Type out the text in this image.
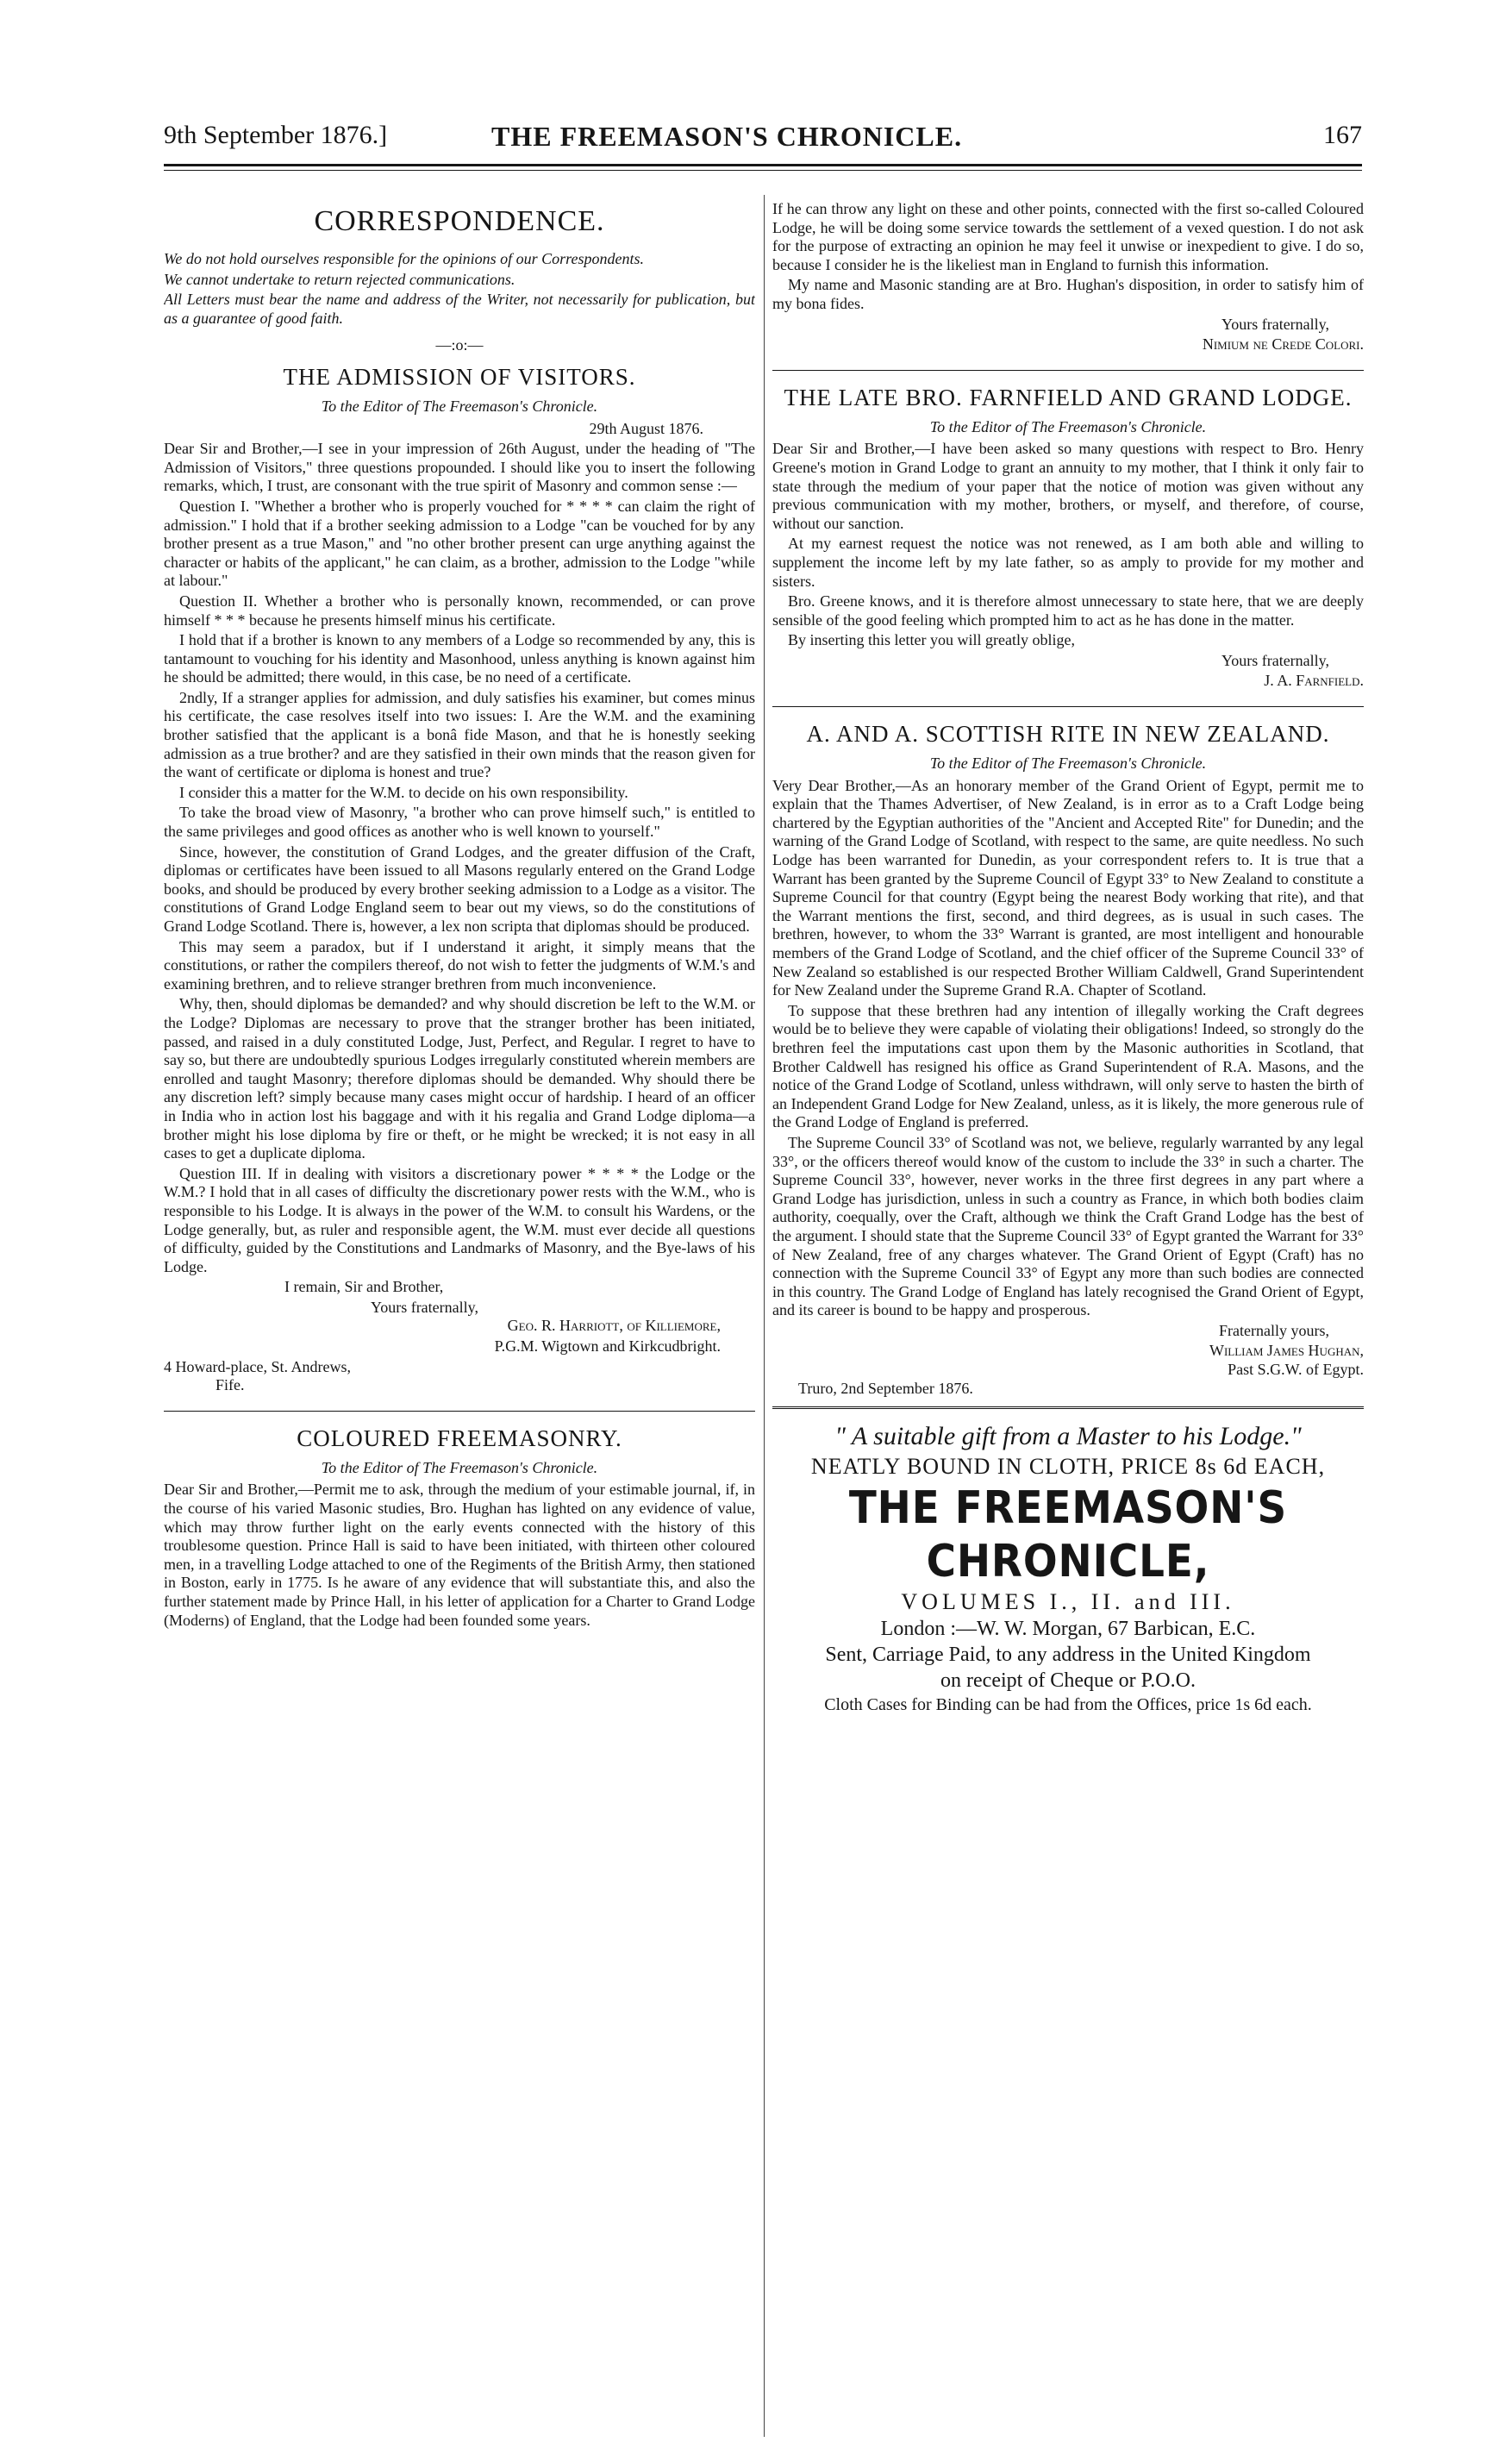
9th September 1876.]	THE FREEMASON'S CHRONICLE.	167
CORRESPONDENCE.

We do not hold ourselves responsible for the opinions of our Correspondents.

We cannot undertake to return rejected communications.

All Letters must bear the name and address of the Writer, not necessarily for publication, but as a guarantee of good faith.

—:o:—
THE ADMISSION OF VISITORS.
To the Editor of The Freemason's Chronicle.
29th August 1876.

Dear Sir and Brother,—I see in your impression of 26th August, under the heading of "The Admission of Visitors," three questions propounded. I should like you to insert the following remarks, which, I trust, are consonant with the true spirit of Masonry and common sense :—

Question I. "Whether a brother who is properly vouched for * * * * can claim the right of admission." I hold that if a brother seeking admission to a Lodge "can be vouched for by any brother present as a true Mason," and "no other brother present can urge anything against the character or habits of the applicant," he can claim, as a brother, admission to the Lodge "while at labour."

Question II. Whether a brother who is personally known, recommended, or can prove himself * * * because he presents himself minus his certificate.

I hold that if a brother is known to any members of a Lodge so recommended by any, this is tantamount to vouching for his identity and Masonhood, unless anything is known against him he should be admitted; there would, in this case, be no need of a certificate.

2ndly, If a stranger applies for admission, and duly satisfies his examiner, but comes minus his certificate, the case resolves itself into two issues: I. Are the W.M. and the examining brother satisfied that the applicant is a bonâ fide Mason, and that he is honestly seeking admission as a true brother? and are they satisfied in their own minds that the reason given for the want of certificate or diploma is honest and true?

I consider this a matter for the W.M. to decide on his own responsibility.

To take the broad view of Masonry, "a brother who can prove himself such," is entitled to the same privileges and good offices as another who is well known to yourself."

Since, however, the constitution of Grand Lodges, and the greater diffusion of the Craft, diplomas or certificates have been issued to all Masons regularly entered on the Grand Lodge books, and should be produced by every brother seeking admission to a Lodge as a visitor. The constitutions of Grand Lodge England seem to bear out my views, so do the constitutions of Grand Lodge Scotland. There is, however, a lex non scripta that diplomas should be produced.

This may seem a paradox, but if I understand it aright, it simply means that the constitutions, or rather the compilers thereof, do not wish to fetter the judgments of W.M.'s and examining brethren, and to relieve stranger brethren from much inconvenience.

Why, then, should diplomas be demanded? and why should discretion be left to the W.M. or the Lodge? Diplomas are necessary to prove that the stranger brother has been initiated, passed, and raised in a duly constituted Lodge, Just, Perfect, and Regular. I regret to have to say so, but there are undoubtedly spurious Lodges irregularly constituted wherein members are enrolled and taught Masonry; therefore diplomas should be demanded. Why should there be any discretion left? simply because many cases might occur of hardship. I heard of an officer in India who in action lost his baggage and with it his regalia and Grand Lodge diploma—a brother might his lose diploma by fire or theft, or he might be wrecked; it is not easy in all cases to get a duplicate diploma.

Question III. If in dealing with visitors a discretionary power * * * * the Lodge or the W.M.? I hold that in all cases of difficulty the discretionary power rests with the W.M., who is responsible to his Lodge. It is always in the power of the W.M. to consult his Wardens, or the Lodge generally, but, as ruler and responsible agent, the W.M. must ever decide all questions of difficulty, guided by the Constitutions and Landmarks of Masonry, and the Bye-laws of his Lodge.

I remain, Sir and Brother,

Yours fraternally,
Geo. R. Harriott, of Killiemore,
P.G.M. Wigtown and Kirkcudbright.
4 Howard-place, St. Andrews,
Fife.
COLOURED FREEMASONRY.
To the Editor of The Freemason's Chronicle.

Dear Sir and Brother,—Permit me to ask, through the medium of your estimable journal, if, in the course of his varied Masonic studies, Bro. Hughan has lighted on any evidence of value, which may throw further light on the early events connected with the history of this troublesome question. Prince Hall is said to have been initiated, with thirteen other coloured men, in a travelling Lodge attached to one of the Regiments of the British Army, then stationed in Boston, early in 1775. Is he aware of any evidence that will substantiate this, and also the further statement made by Prince Hall, in his letter of application for a Charter to Grand Lodge (Moderns) of England, that the Lodge had been founded some years.

If he can throw any light on these and other points, connected with the first so-called Coloured Lodge, he will be doing some service towards the settlement of a vexed question. I do not ask for the purpose of extracting an opinion he may feel it unwise or inexpedient to give. I do so, because I consider he is the likeliest man in England to furnish this information.

My name and Masonic standing are at Bro. Hughan's disposition, in order to satisfy him of my bona fides.

Yours fraternally,
Nimium ne Crede Colori.
THE LATE BRO. FARNFIELD AND GRAND LODGE.
To the Editor of The Freemason's Chronicle.

Dear Sir and Brother,—I have been asked so many questions with respect to Bro. Henry Greene's motion in Grand Lodge to grant an annuity to my mother, that I think it only fair to state through the medium of your paper that the notice of motion was given without any previous communication with my mother, brothers, or myself, and therefore, of course, without our sanction.

At my earnest request the notice was not renewed, as I am both able and willing to supplement the income left by my late father, so as amply to provide for my mother and sisters.

Bro. Greene knows, and it is therefore almost unnecessary to state here, that we are deeply sensible of the good feeling which prompted him to act as he has done in the matter.

By inserting this letter you will greatly oblige,

Yours fraternally,
J. A. Farnfield.
A. AND A. SCOTTISH RITE IN NEW ZEALAND.
To the Editor of The Freemason's Chronicle.

Very Dear Brother,—As an honorary member of the Grand Orient of Egypt, permit me to explain that the Thames Advertiser, of New Zealand, is in error as to a Craft Lodge being chartered by the Egyptian authorities of the "Ancient and Accepted Rite" for Dunedin; and the warning of the Grand Lodge of Scotland, with respect to the same, are quite needless. No such Lodge has been warranted for Dunedin, as your correspondent refers to. It is true that a Warrant has been granted by the Supreme Council of Egypt 33° to New Zealand to constitute a Supreme Council for that country (Egypt being the nearest Body working that rite), and that the Warrant mentions the first, second, and third degrees, as is usual in such cases. The brethren, however, to whom the 33° Warrant is granted, are most intelligent and honourable members of the Grand Lodge of Scotland, and the chief officer of the Supreme Council 33° of New Zealand so established is our respected Brother William Caldwell, Grand Superintendent for New Zealand under the Supreme Grand R.A. Chapter of Scotland.

To suppose that these brethren had any intention of illegally working the Craft degrees would be to believe they were capable of violating their obligations! Indeed, so strongly do the brethren feel the imputations cast upon them by the Masonic authorities in Scotland, that Brother Caldwell has resigned his office as Grand Superintendent of R.A. Masons, and the notice of the Grand Lodge of Scotland, unless withdrawn, will only serve to hasten the birth of an Independent Grand Lodge for New Zealand, unless, as it is likely, the more generous rule of the Grand Lodge of England is preferred.

The Supreme Council 33° of Scotland was not, we believe, regularly warranted by any legal 33°, or the officers thereof would know of the custom to include the 33° in such a charter. The Supreme Council 33°, however, never works in the three first degrees in any part where a Grand Lodge has jurisdiction, unless in such a country as France, in which both bodies claim authority, coequally, over the Craft, although we think the Craft Grand Lodge has the best of the argument. I should state that the Supreme Council 33° of Egypt granted the Warrant for 33° of New Zealand, free of any charges whatever. The Grand Orient of Egypt (Craft) has no connection with the Supreme Council 33° of Egypt any more than such bodies are connected in this country. The Grand Lodge of England has lately recognised the Grand Orient of Egypt, and its career is bound to be happy and prosperous.

Fraternally yours,
William James Hughan,
Past S.G.W. of Egypt.
Truro, 2nd September 1876.
" A suitable gift from a Master to his Lodge."
NEATLY BOUND IN CLOTH, PRICE 8s 6d EACH,
THE FREEMASON'S CHRONICLE,
VOLUMES I., II. and III.
London :—W. W. Morgan, 67 Barbican, E.C.
Sent, Carriage Paid, to any address in the United Kingdom
on receipt of Cheque or P.O.O.
Cloth Cases for Binding can be had from the Offices, price 1s 6d each.
